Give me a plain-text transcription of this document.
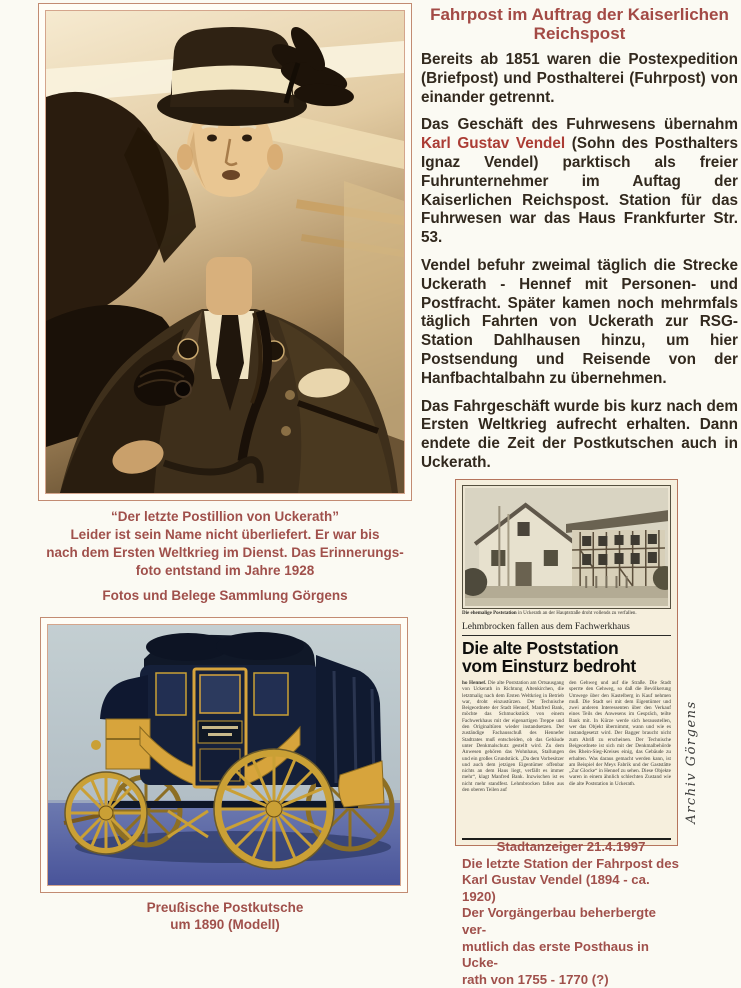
“Der letzte Postillion von Uckerath”
Leider ist sein Name nicht überliefert. Er war bis
nach dem Ersten Weltkrieg im Dienst. Das Erinnerungs-
foto entstand im Jahre 1928
Fotos und Belege Sammlung Görgens
Preußische Postkutsche
um 1890 (Modell)
Fahrpost im Auftrag der Kaiserlichen
Reichspost

Bereits ab 1851 waren die Postexpedition (Briefpost) und Posthalterei (Fuhrpost) von einander getrennt.

Das Geschäft des Fuhrwesens übernahm Karl Gustav Vendel (Sohn des Posthalters Ignaz Vendel) parktisch als freier Fuhrunternehmer im Auftag der Kaiserlichen Reichspost. Station für das Fuhrwesen war das Haus Frankfurter Str. 53.

Vendel befuhr zweimal täglich die Strecke Uckerath - Hennef mit Personen- und Postfracht. Später kamen noch mehrmfals täglich Fahrten von Uckerath zur RSG-Station Dahlhausen hinzu, um hier Postsendung und Reisende von der Hanfbachtalbahn zu übernehmen.

Das Fahrgeschäft wurde bis kurz nach dem Ersten Weltkrieg aufrecht erhalten. Dann endete die Zeit der Postkutschen auch in Uckerath.

Die ehemalige Poststation in Uckerath an der Hauptstraße droht vollends zu verfallen.
Lehmbrocken fallen aus dem Fachwerkhaus
Die alte Poststation
vom Einsturz bedroht
ho Hennef. Die alte Poststation am Ortsausgang von Uckerath in Richtung Altenkirchen, die letztmalig nach dem Ersten Weltkrieg in Betrieb war, droht einzustürzen. Der Technische Beigeordnete der Stadt Hennef, Manfred Bank, möchte das Schmuckstück von einem Fachwerkhaus mit der eigenartigen Treppe und den Originaltüren wieder instandsetzen. Der zuständige Fachausschuß des Hennefer Stadtrates muß entscheiden, ob das Gebäude unter Denkmalschutz gestellt wird. Zu dem Anwesen gehören das Wohnhaus, Stallungen und ein großes Grundstück. „Da dem Vorbesitzer und auch dem jetzigen Eigentümer offenbar nichts an dem Haus liegt, verfällt es immer mehr“, klagt Manfred Bank. Inzwischen ist es nicht mehr standfest. Lehmbrocken fallen aus den oberen Teilen auf
den Gehweg und auf die Straße. Die Stadt sperrte den Gehweg, so daß die Bevölkerung Umwege über den Kastelberg in Kauf nehmen muß. Die Stadt sei mit dem Eigentümer und zwei anderen Interessenten über den Verkauf eines Teils des Anwesens im Gespräch, teilte Bank mit. In Kürze werde sich herausstellen, wer das Objekt übernimmt, wann und wie es instandgesetzt wird. Der Bagger braucht nicht zum Abriß zu erscheinen. Der Technische Beigeordnete ist sich mit der Denkmalbehörde des Rhein-Sieg-Kreises einig, das Gebäude zu erhalten. Was daraus gemacht werden kann, ist am Beispiel der Meys Fabrik und der Gaststätte „Zur Glocke“ in Hennef zu sehen. Diese Objekte waren in einem ähnlich schlechten Zustand wie die alte Poststation in Uckerath.	Archiv Görgens
Stadtanzeiger 21.4.1997
Die letzte Station der Fahrpost des
Karl Gustav Vendel (1894 - ca. 1920)
Der Vorgängerbau beherbergte ver-
mutlich das erste Posthaus in Ucke-
rath von 1755 - 1770 (?)
